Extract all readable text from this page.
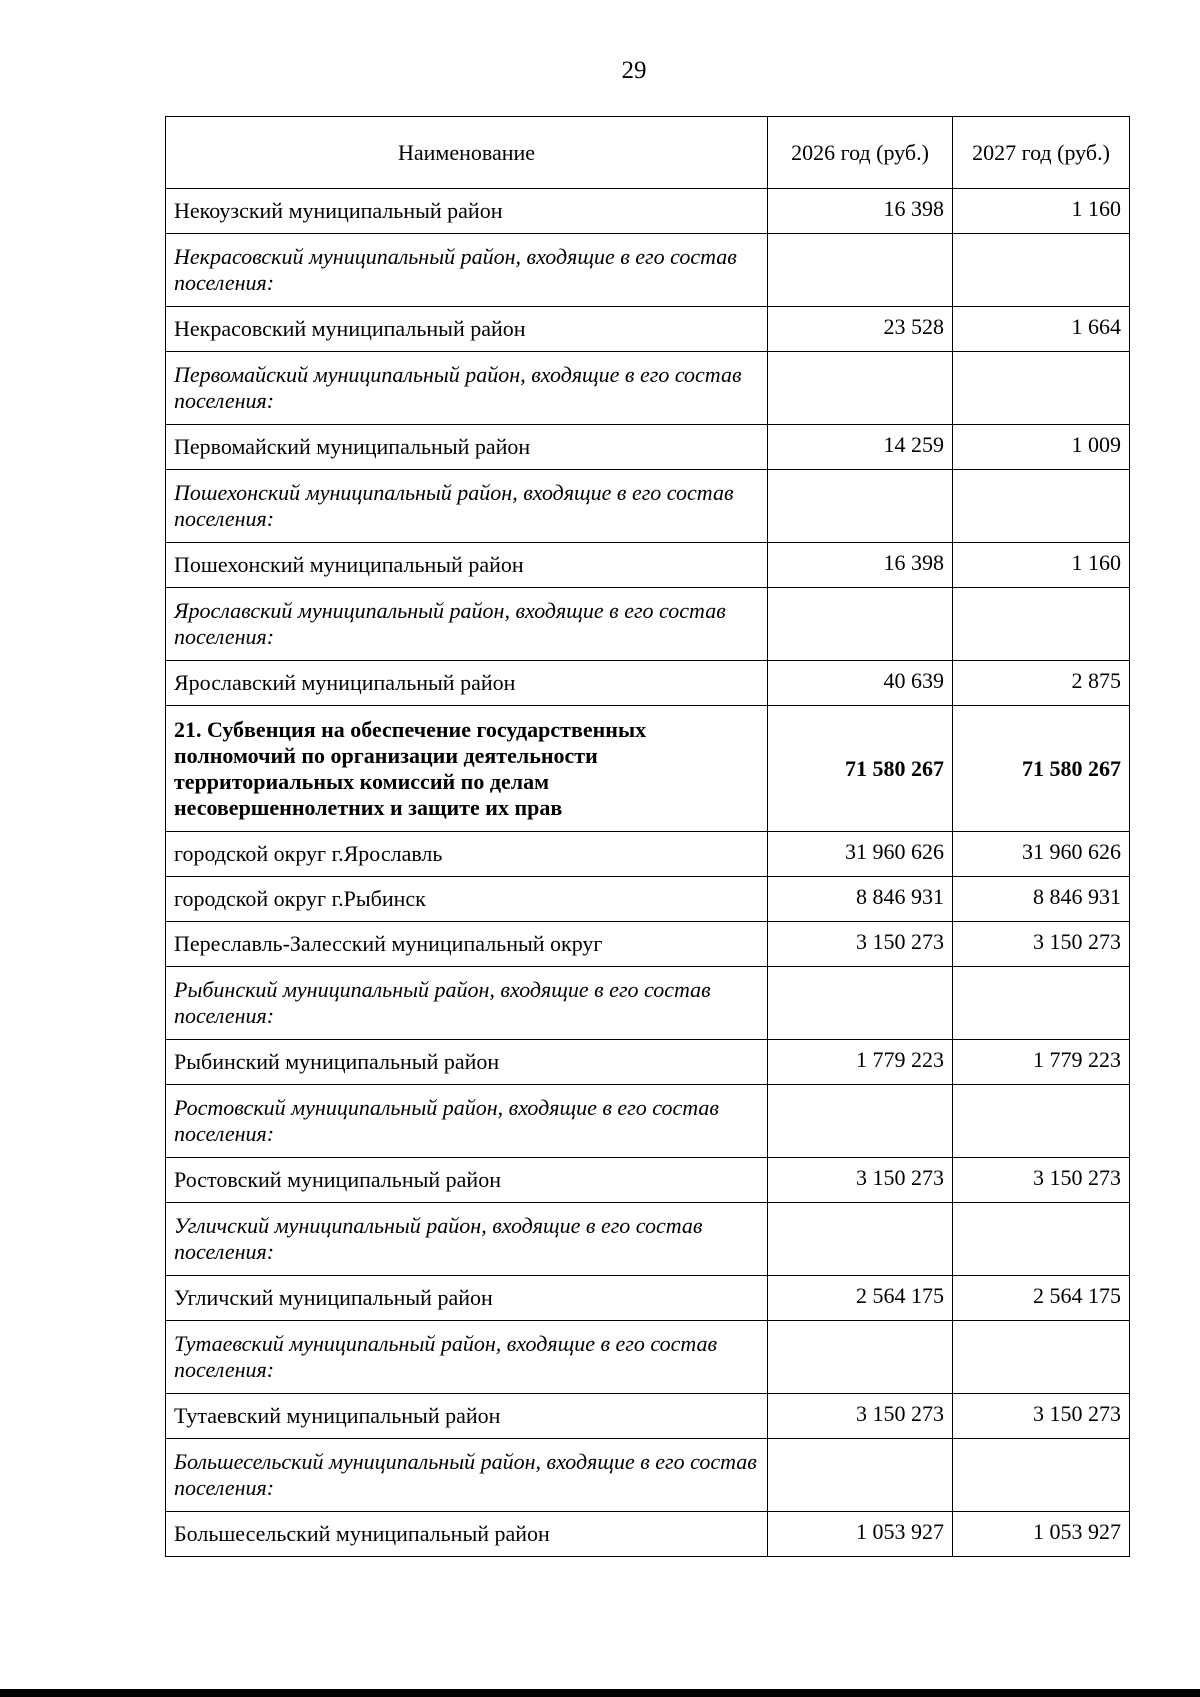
29
Наименование	2026 год (руб.)	2027 год (руб.)
Некоузский муниципальный район	16 398	1 160
Некрасовский муниципальный район, входящие в его состав поселения:		
Некрасовский муниципальный район	23 528	1 664
Первомайский муниципальный район, входящие в его состав поселения:		
Первомайский муниципальный район	14 259	1 009
Пошехонский муниципальный район, входящие в его состав поселения:		
Пошехонский муниципальный район	16 398	1 160
Ярославский муниципальный район, входящие в его состав поселения:		
Ярославский муниципальный район	40 639	2 875
21. Субвенция на обеспечение государственных полномочий по организации деятельности территориальных комиссий по делам несовершеннолетних и защите их прав	71 580 267	71 580 267
городской округ г.Ярославль	31 960 626	31 960 626
городской округ г.Рыбинск	8 846 931	8 846 931
Переславль-Залесский муниципальный округ	3 150 273	3 150 273
Рыбинский муниципальный район, входящие в его состав поселения:		
Рыбинский муниципальный район	1 779 223	1 779 223
Ростовский муниципальный район, входящие в его состав поселения:		
Ростовский муниципальный район	3 150 273	3 150 273
Угличский муниципальный район, входящие в его состав поселения:		
Угличский муниципальный район	2 564 175	2 564 175
Тутаевский муниципальный район, входящие в его состав поселения:		
Тутаевский муниципальный район	3 150 273	3 150 273
Большесельский муниципальный район, входящие в его состав поселения:		
Большесельский муниципальный район	1 053 927	1 053 927
